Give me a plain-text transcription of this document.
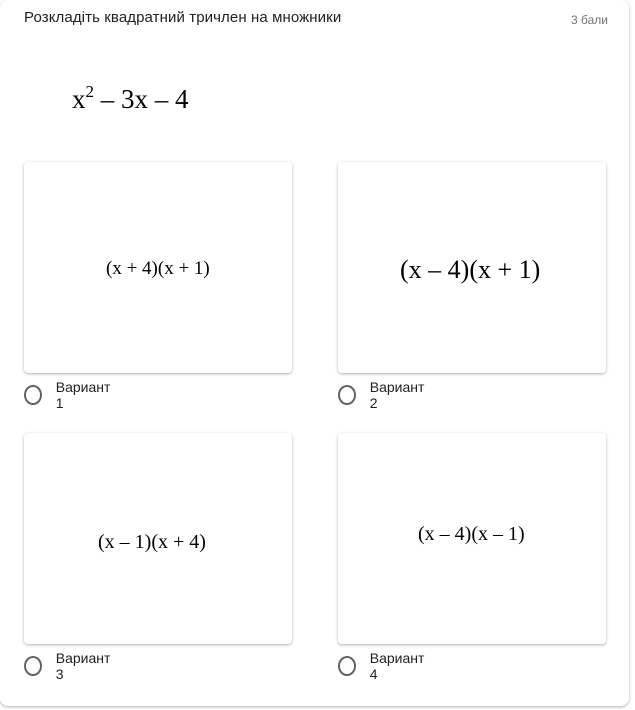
Розкладіть квадратний тричлен на множники	3 бали
$x^2 - 3x - 4$
(x + 4)(x + 1)
Вариант 1
(x – 4)(x + 1)
Вариант 2
(x – 1)(x + 4)
Вариант 3
(x – 4)(x – 1)
Вариант 4
